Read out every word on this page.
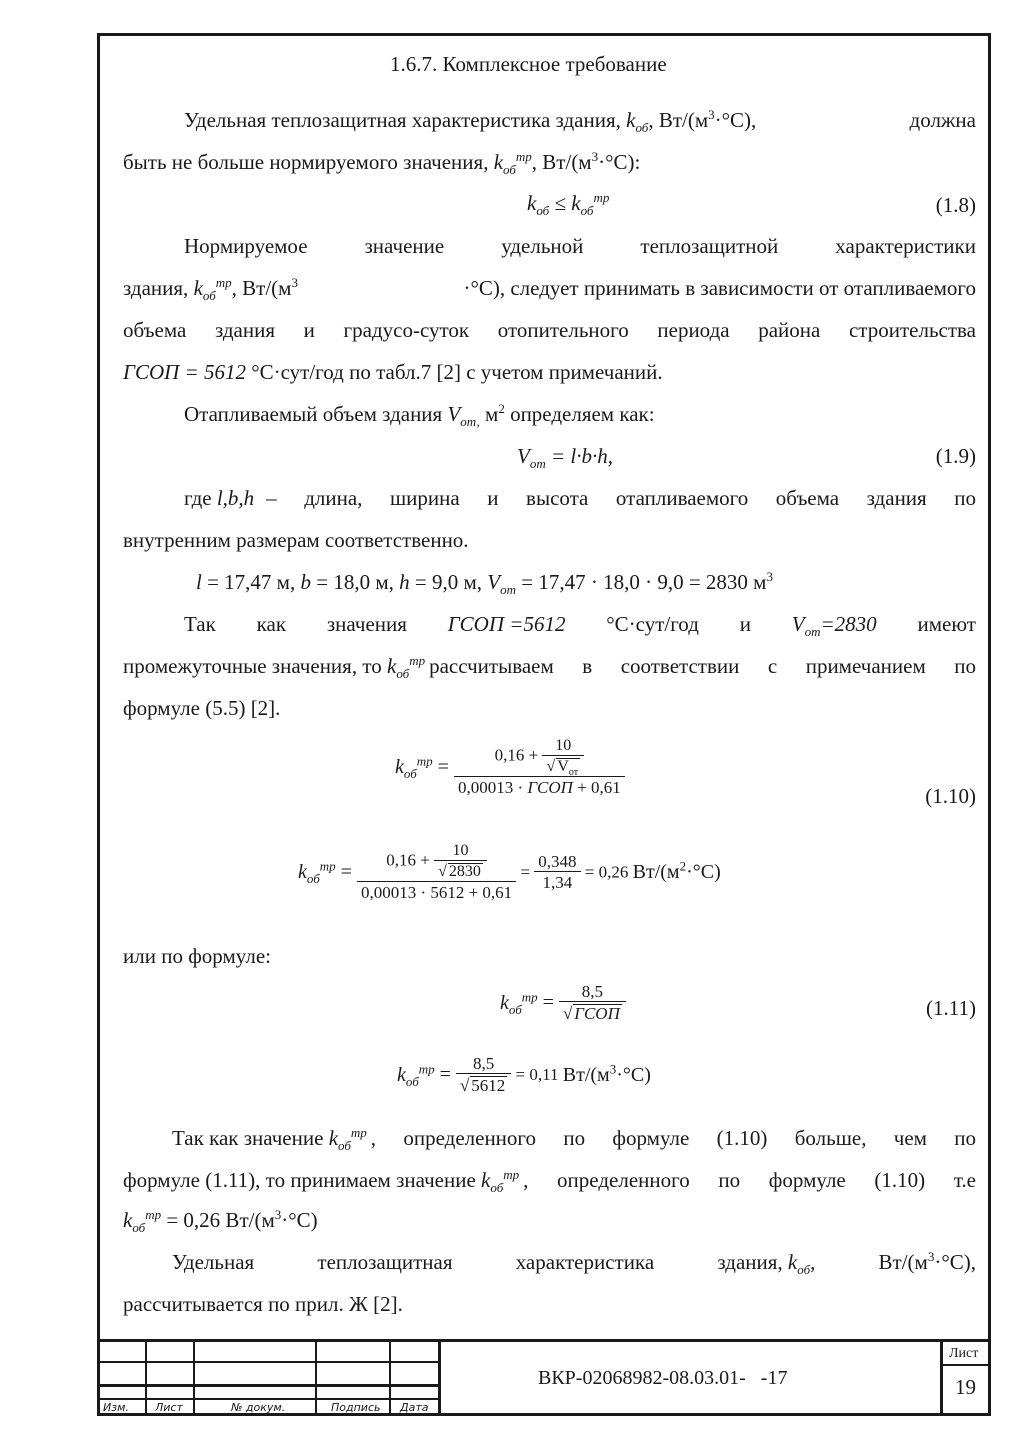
1.6.7. Комплексное требование
Удельная теплозащитная характеристика здания, $k_{об}$, $Вт/(м^3\cdot^\circ С)$,	должна
быть не больше нормируемого значения, $k_{об}^{тр}$, $Вт/(м^3\cdot^\circ С)$:
$k_{об} \le k_{об}^{тр}$	(1.8)
Нормируемое	значение	удельной	теплозащитной	характеристики
здания, $k_{об}^{тр}$, $Вт/(м^3$	·°С), следует принимать в зависимости от отапливаемого
объема здания и градусо-суток отопительного периода района строительства
ГСОП = 5612 °С·сут/год по табл.7 [2] с учетом примечаний.
Отапливаемый объем здания $V_{от,}$ $м^2$ определяем как:
$V_{от} = l\cdot b\cdot h$,	(1.9)
где l,b,h – длина, ширина и высота отапливаемого объема здания по
внутренним размерам соответственно.
l = 17,47 м, b = 18,0 м, h = 9,0 м, $V_{от} = 17,47 \cdot 18,0 \cdot 9,0 = 2830$ $м^3$
Так как значения ГСОП =5612 °С·сут/год и $V_{от}=2830$ имеют
промежуточные значения, то $k_{об}^{тр}$ рассчитываем в соответствии с примечанием по
формуле (5.5) [2].
$k_{об}^{тр} = \frac{0,16 + \frac{10}{√ V_{от}}}{\text{0,00013 · ГСОП + 0,61}}$	(1.10)
$k_{об}^{тр} = \frac{0,16 + \frac{10}{√ 2830}}{0,00013 \cdot 5612 + 0,61} = \frac{0,348}{1,34} = 0,26$ $Вт/(м^2\cdot^\circ С)$
или по формуле:
$k_{об}^{тр} = \frac{8,5}{\text{√ ГСОП}}$	(1.11)
$k_{об}^{тр} = \frac{8,5}{√ 5612} = 0,11$ $Вт/(м^3\cdot^\circ С)$
Так как значение $k_{об}^{тр}$ , определенного по формуле (1.10) больше, чем по
формуле (1.11), то принимаем значение $k_{об}^{тр}$ , определенного по формуле (1.10) т.е
$k_{об}^{тр} = 0,26$ $Вт/(м^3\cdot^\circ С)$
Удельная	теплозащитная	характеристика	здания, $k_{об}$,	$Вт/(м^3\cdot^\circ С)$,
рассчитывается по прил. Ж [2].
Изм. Лист	№ докум.	Подпись Дата
ВКР-02068982-08.03.01-   -17
Лист
19
